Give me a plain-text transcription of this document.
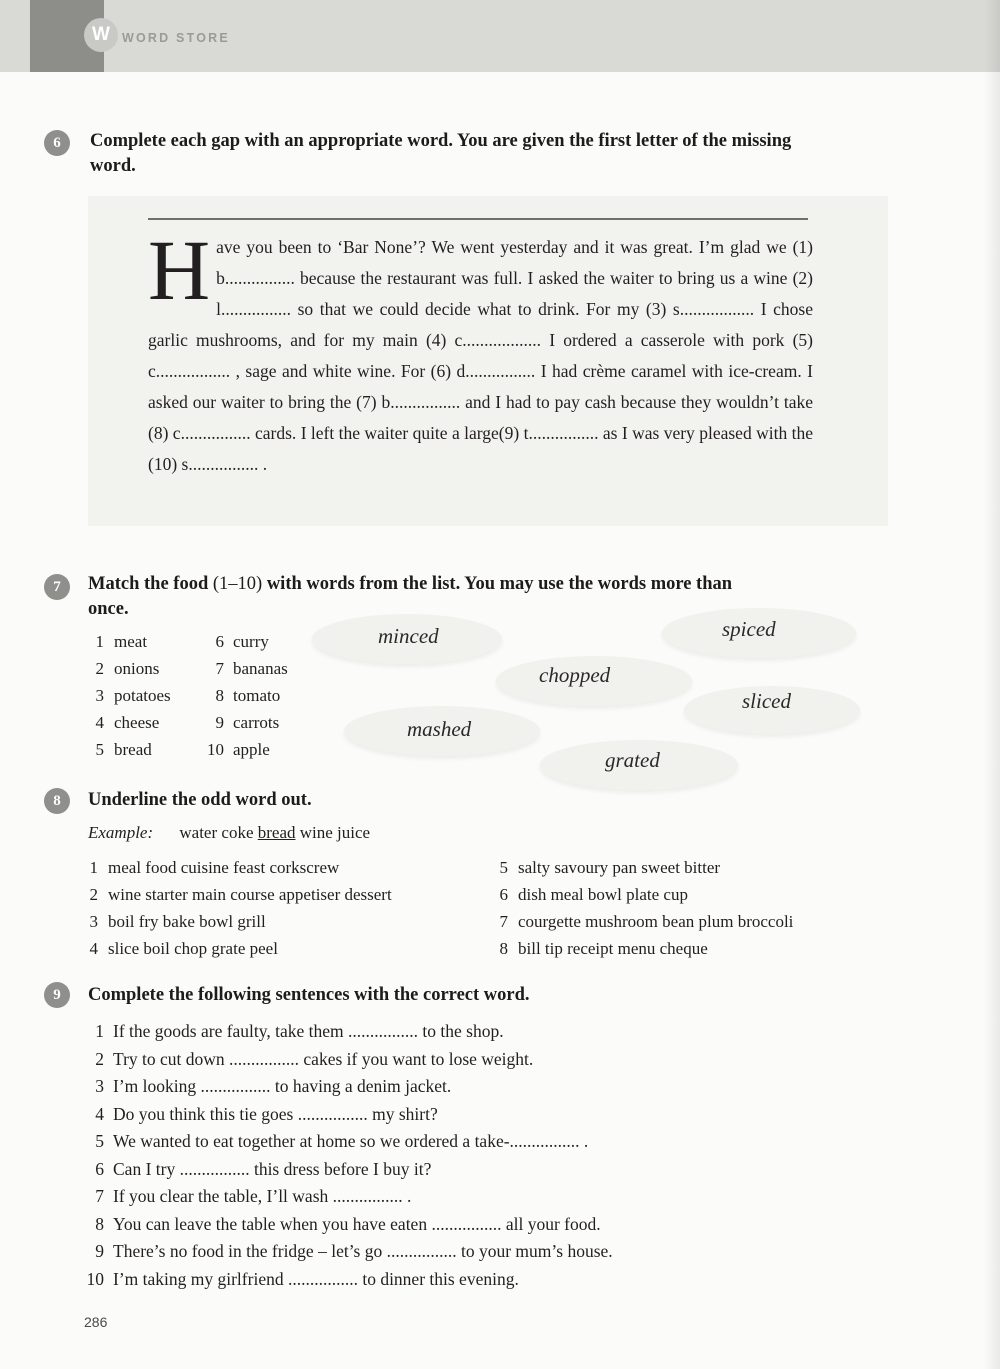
W WORD STORE
6	Complete each gap with an appropriate word. You are given the first letter of the missing word.
Have you been to ‘Bar None’? We went yesterday and it was great. I’m glad we (1) b................ because the restaurant was full. I asked the waiter to bring us a wine (2) l................ so that we could decide what to drink. For my (3) s................. I chose garlic mushrooms, and for my main (4) c.................. I ordered a casserole with pork (5) c................. , sage and white wine. For (6) d................ I had crème caramel with ice-cream. I asked our waiter to bring the (7) b................ and I had to pay cash because they wouldn’t take (8) c................ cards. I left the waiter quite a large(9) t................ as I was very pleased with the (10) s................ .
7	Match the food (1–10) with words from the list. You may use the words more than once.
1 meat
2 onions
3 potatoes
4 cheese
5 bread
6 curry
7 bananas
8 tomato
9 carrots
10 apple
minced	spiced
chopped
sliced
mashed
grated
8	Underline the odd word out.
Example: water coke bread wine juice
1 meal food cuisine feast corkscrew
2 wine starter main course appetiser dessert
3 boil fry bake bowl grill
4 slice boil chop grate peel
5 salty savoury pan sweet bitter
6 dish meal bowl plate cup
7 courgette mushroom bean plum broccoli
8 bill tip receipt menu cheque
9	Complete the following sentences with the correct word.
1 If the goods are faulty, take them ................ to the shop.
2 Try to cut down ................ cakes if you want to lose weight.
3 I’m looking ................ to having a denim jacket.
4 Do you think this tie goes ................ my shirt?
5 We wanted to eat together at home so we ordered a take-................ .
6 Can I try ................ this dress before I buy it?
7 If you clear the table, I’ll wash ................ .
8 You can leave the table when you have eaten ................ all your food.
9 There’s no food in the fridge – let’s go ................ to your mum’s house.
10 I’m taking my girlfriend ................ to dinner this evening.
286
